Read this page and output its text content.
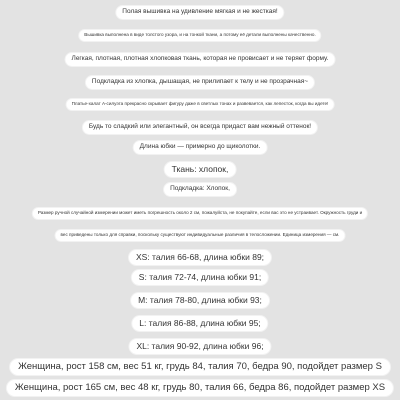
Полая вышивка на удивление мягкая и не жесткая!
Вышивка выполнена в виде толстого узора, и на тонкой ткани, а потому её детали выполнены качественно.
Легкая, плотная, плотная хлопковая ткань, которая не провисает и не теряет форму.
Подкладка из хлопка, дышащая, не прилипает к телу и не прозрачная~
Платье-халат А-силуэта прекрасно скрывает фигуру даже в светлых тонах и развевается, как лепесток, когда вы идете!
Будь то сладкий или элегантный, он всегда придаст вам нежный оттенок!
Длина юбки — примерно до щиколотки.
Ткань: хлопок,
Подкладка: Хлопок,
Размер ручной случайной измерении может иметь погрешность около 2 см, пожалуйста, не покупайте, если вас это не устраивает. Окружность груди и
вес приведены только для справки, поскольку существуют индивидуальные различия в телосложении. Единица измерения — см.
XS: талия 66-68, длина юбки 89;
S: талия 72-74, длина юбки 91;
M: талия 78-80, длина юбки 93;
L: талия 86-88, длина юбки 95;
XL: талия 90-92, длина юбки 96;
Женщина, рост 158 см, вес 51 кг, грудь 84, талия 70, бедра 90, подойдет размер S
Женщина, рост 165 см, вес 48 кг, грудь 80, талия 66, бедра 86, подойдет размер XS
